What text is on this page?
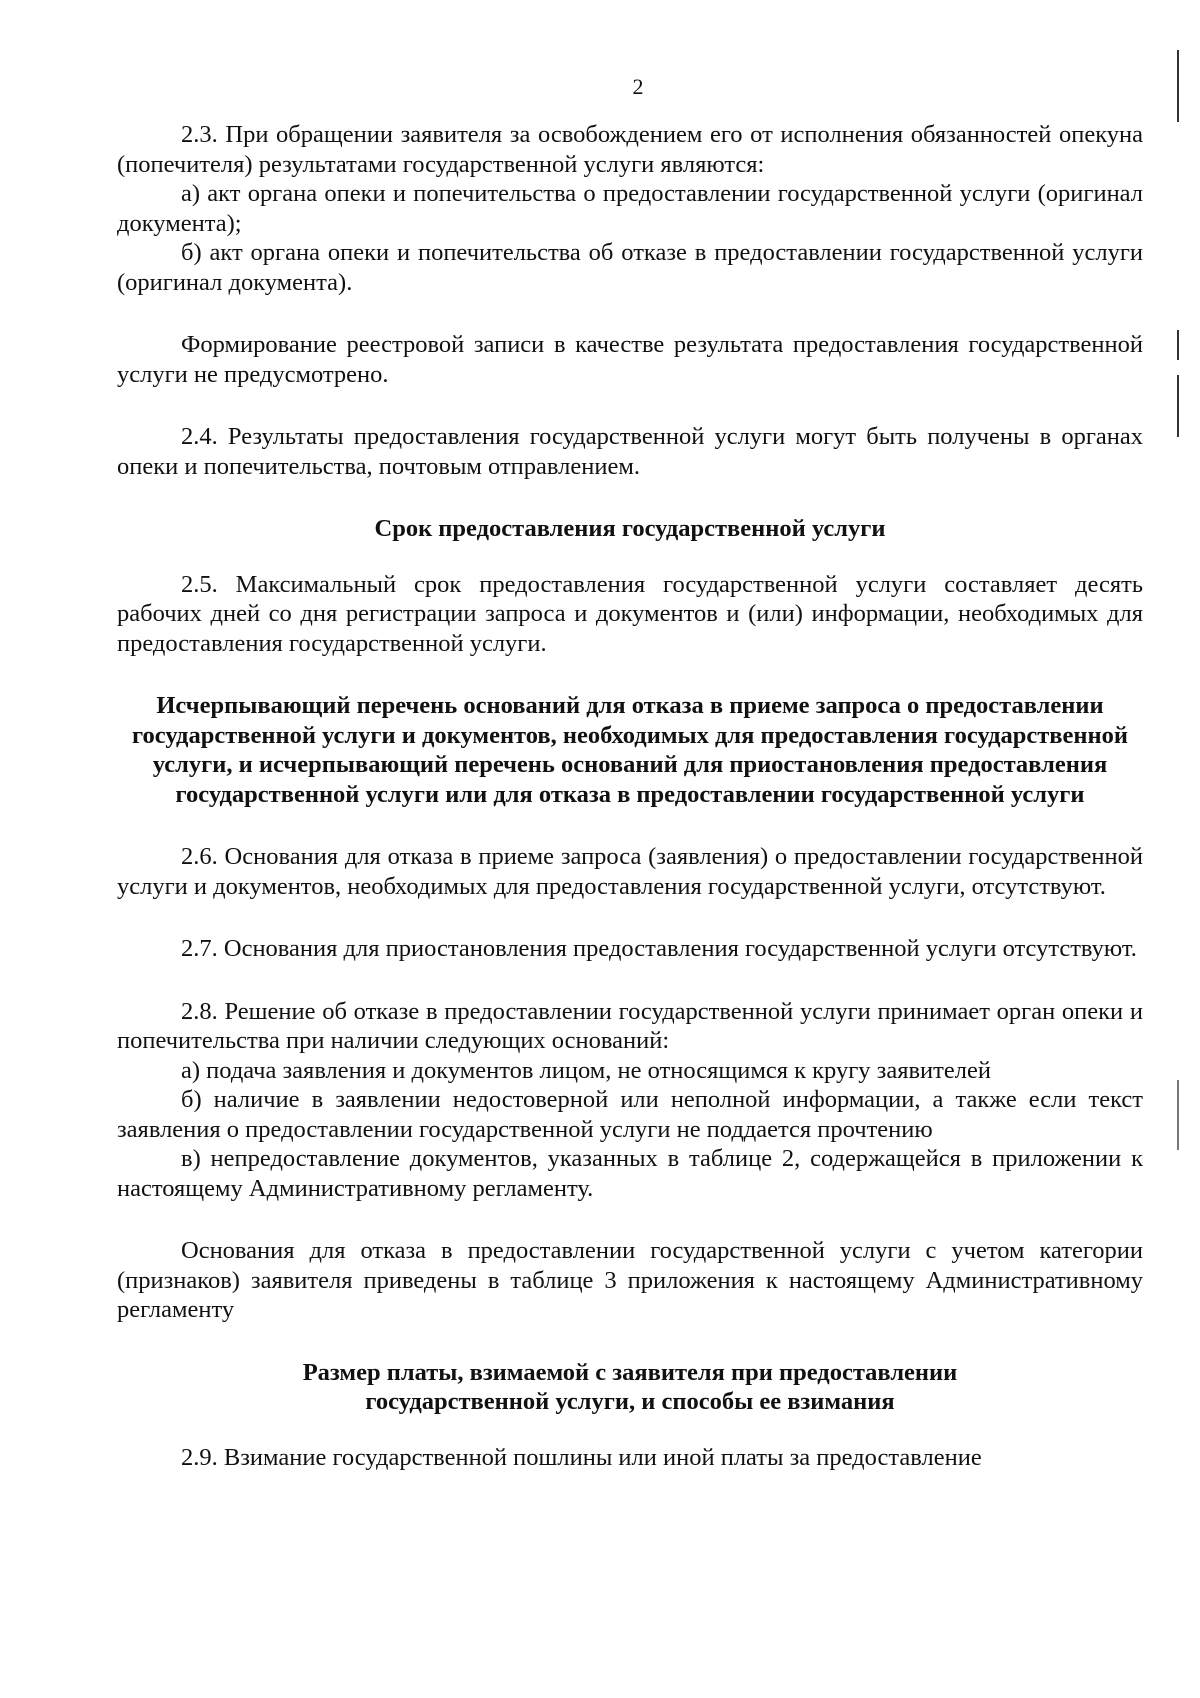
2

2.3. При обращении заявителя за освобождением его от исполнения обязанностей опекуна (попечителя) результатами государственной услуги являются:

а) акт органа опеки и попечительства о предоставлении государственной услуги (оригинал документа);

б) акт органа опеки и попечительства об отказе в предоставлении государственной услуги (оригинал документа).

Формирование реестровой записи в качестве результата предоставления государственной услуги не предусмотрено.

2.4. Результаты предоставления государственной услуги могут быть получены в органах опеки и попечительства, почтовым отправлением.

Срок предоставления государственной услуги

2.5. Максимальный срок предоставления государственной услуги составляет десять рабочих дней со дня регистрации запроса и документов и (или) информации, необходимых для предоставления государственной услуги.

Исчерпывающий перечень оснований для отказа в приеме запроса о предоставлении государственной услуги и документов, необходимых для предоставления государственной услуги, и исчерпывающий перечень оснований для приостановления предоставления государственной услуги или для отказа в предоставлении государственной услуги

2.6. Основания для отказа в приеме запроса (заявления) о предоставлении государственной услуги и документов, необходимых для предоставления государственной услуги, отсутствуют.

2.7. Основания для приостановления предоставления государственной услуги отсутствуют.

2.8. Решение об отказе в предоставлении государственной услуги принимает орган опеки и попечительства при наличии следующих оснований:

а) подача заявления и документов лицом, не относящимся к кругу заявителей

б) наличие в заявлении недостоверной или неполной информации, а также если текст заявления о предоставлении государственной услуги не поддается прочтению

в) непредоставление документов, указанных в таблице 2, содержащейся в приложении к настоящему Административному регламенту.

Основания для отказа в предоставлении государственной услуги с учетом категории (признаков) заявителя приведены в таблице 3 приложения к настоящему Административному регламенту

Размер платы, взимаемой с заявителя при предоставлении государственной услуги, и способы ее взимания

2.9. Взимание государственной пошлины или иной платы за предоставление
